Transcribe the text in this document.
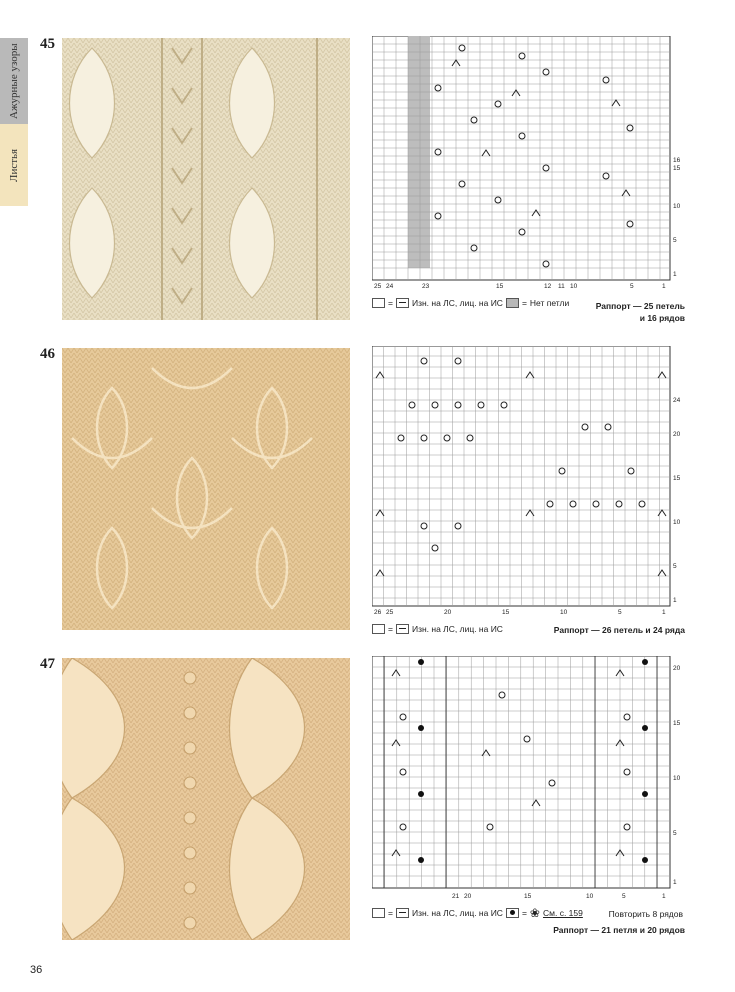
Ажурные узоры
Листья
45
25 24	23	15	12 11 10	5	1
16
15
10
5
1
= Изн. на ЛС, лиц. на ИС = Нет петли	Раппорт — 25 петель
и 16 рядов
46
26 25	20	15	10	5	1
24
20
15
10
5
1
= Изн. на ЛС, лиц. на ИС	Раппорт — 26 петель и 24 ряда
47
21 20	15	10	5	1
20
15
10
5
1
= Изн. на ЛС, лиц. на ИС = ❀ См. с. 159	Повторить 8 рядов
Раппорт — 21 петля и 20 рядов
36
